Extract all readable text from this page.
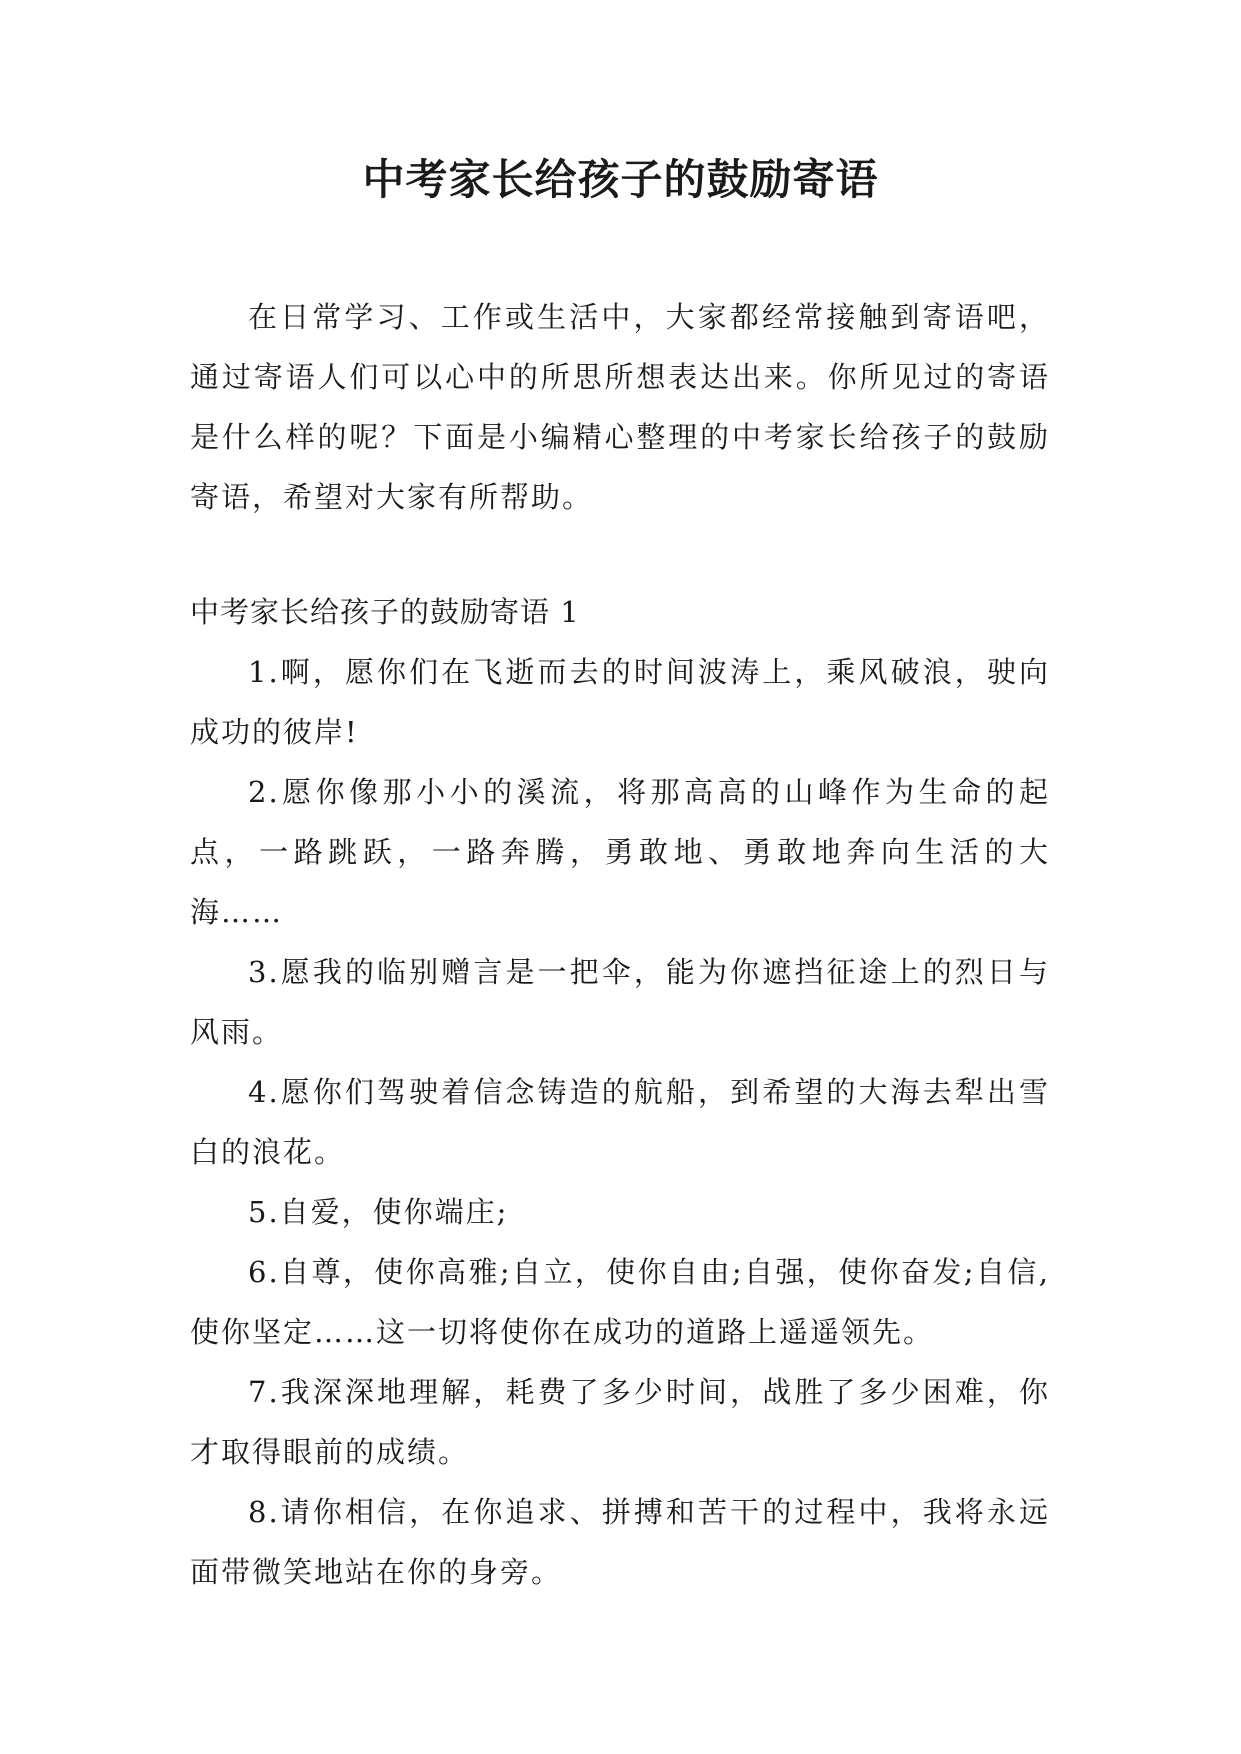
中考家长给孩子的鼓励寄语

在日常学习、工作或生活中，大家都经常接触到寄语吧，通过寄语人们可以心中的所思所想表达出来。你所见过的寄语是什么样的呢？下面是小编精心整理的中考家长给孩子的鼓励寄语，希望对大家有所帮助。

中考家长给孩子的鼓励寄语 1

1.啊，愿你们在飞逝而去的时间波涛上，乘风破浪，驶向成功的彼岸!

2.愿你像那小小的溪流，将那高高的山峰作为生命的起点，一路跳跃，一路奔腾，勇敢地、勇敢地奔向生活的大海……

3.愿我的临别赠言是一把伞，能为你遮挡征途上的烈日与风雨。

4.愿你们驾驶着信念铸造的航船，到希望的大海去犁出雪白的浪花。

5.自爱，使你端庄;

6.自尊，使你高雅;自立，使你自由;自强，使你奋发;自信,使你坚定……这一切将使你在成功的道路上遥遥领先。

7.我深深地理解，耗费了多少时间，战胜了多少困难，你才取得眼前的成绩。

8.请你相信，在你追求、拼搏和苦干的过程中，我将永远面带微笑地站在你的身旁。
